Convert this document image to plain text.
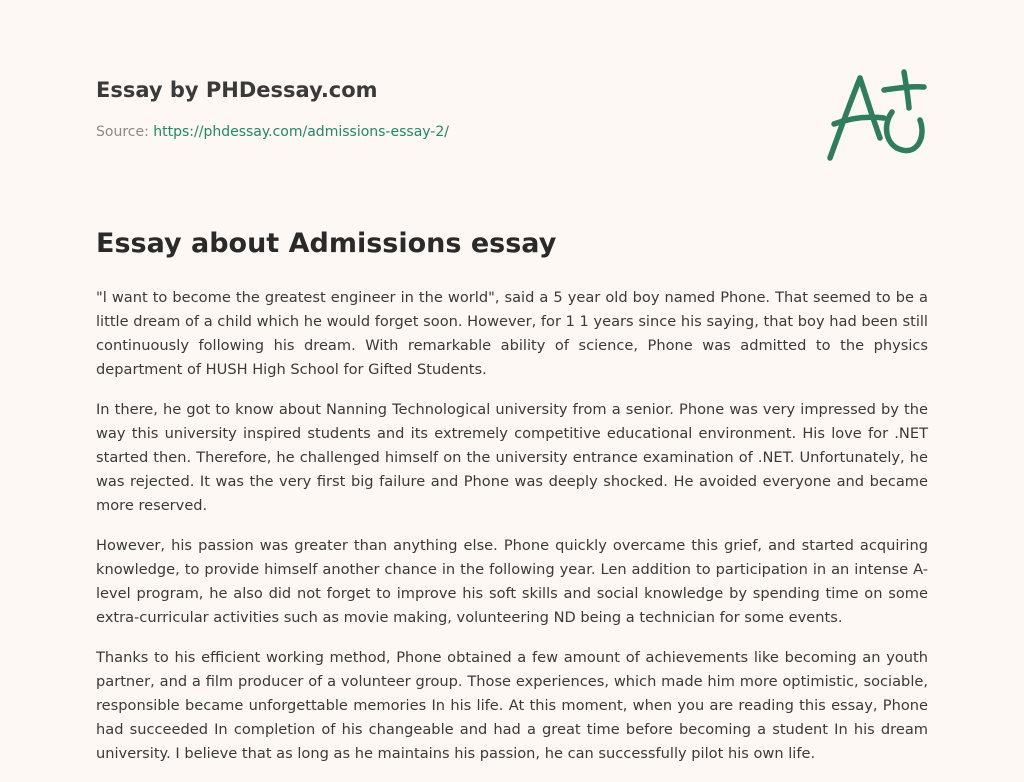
Essay by PHDessay.com
Source: https://phdessay.com/admissions-essay-2/
Essay about Admissions essay

"l want to become the greatest engineer in the world", said a 5 year old boy named Phone. That seemed to be a little dream of a child which he would forget soon. However, for 1 1 years since his saying, that boy had been still continuously following his dream. With remarkable ability of science, Phone was admitted to the physics department of HUSH High School for Gifted Students.

In there, he got to know about Nanning Technological university from a senior. Phone was very impressed by the way this university inspired students and its extremely competitive educational environment. His love for .NET started then. Therefore, he challenged himself on the university entrance examination of .NET. Unfortunately, he was rejected. It was the very first big failure and Phone was deeply shocked. He avoided everyone and became more reserved.

However, his passion was greater than anything else. Phone quickly overcame this grief, and started acquiring knowledge, to provide himself another chance in the following year. Len addition to participation in an intense A-level program, he also did not forget to improve his soft skills and social knowledge by spending time on some extra-curricular activities such as movie making, volunteering ND being a technician for some events.

Thanks to his efficient working method, Phone obtained a few amount of achievements like becoming an youth partner, and a film producer of a volunteer group. Those experiences, which made him more optimistic, sociable, responsible became unforgettable memories In his life. At this moment, when you are reading this essay, Phone had succeeded In completion of his changeable and had a great time before becoming a student In his dream university. I believe that as long as he maintains his passion, he can successfully pilot his own life.
